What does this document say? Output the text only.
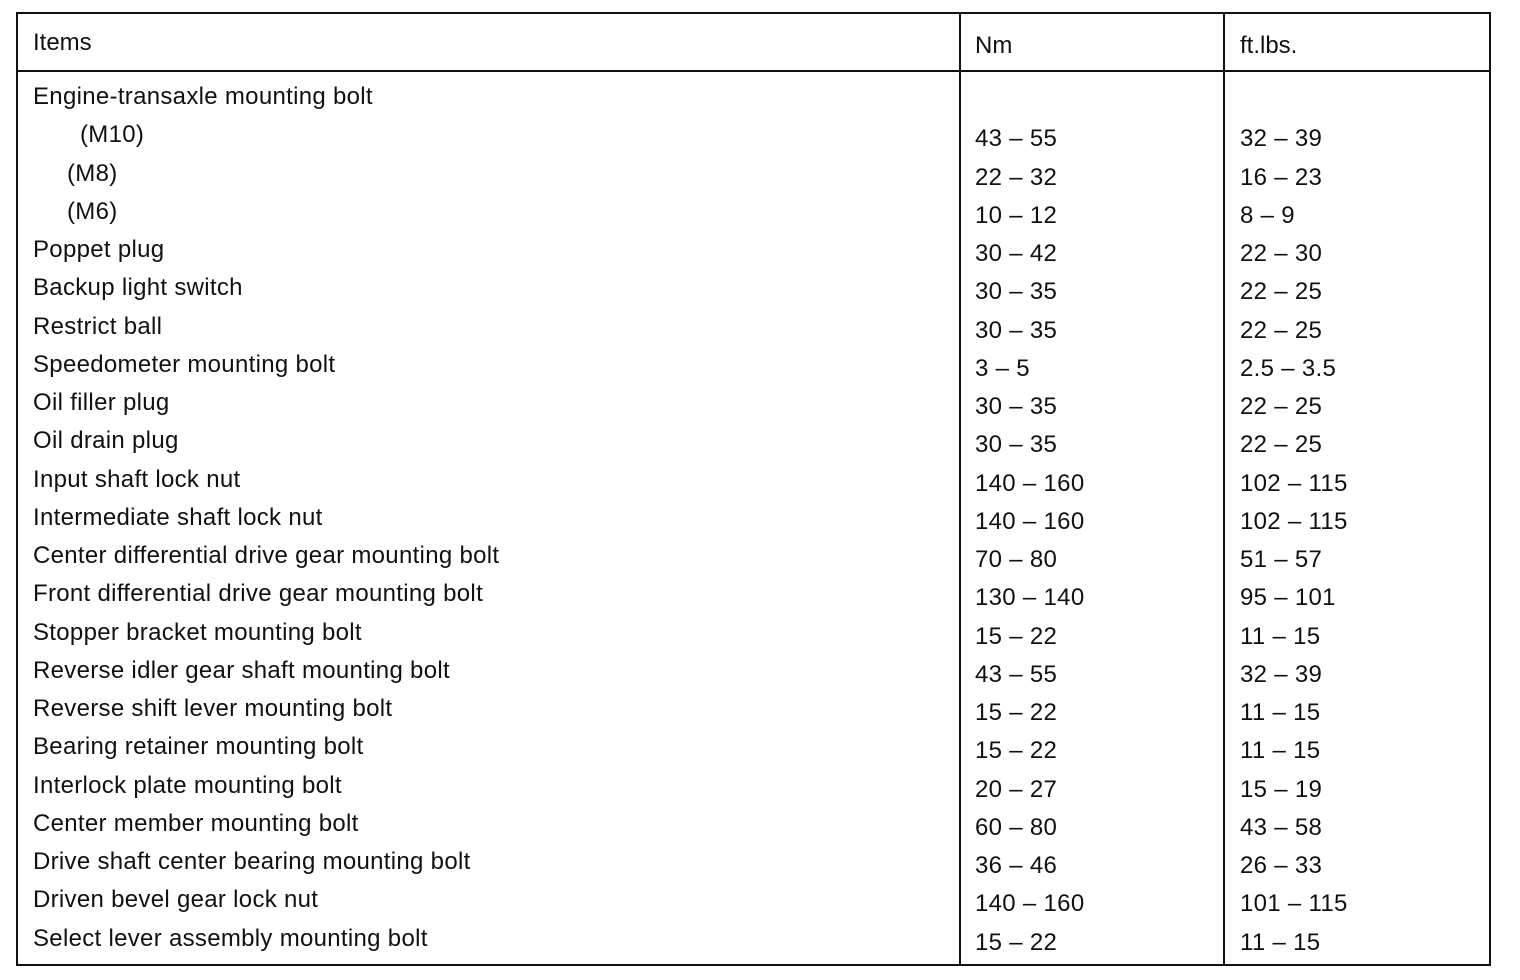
Items	Nm	ft.lbs.
Engine-transaxle mounting bolt
(M10)	43 – 55	32 – 39
(M8)	22 – 32	16 – 23
(M6)	10 – 12	8 – 9
Poppet plug	30 – 42	22 – 30
Backup light switch	30 – 35	22 – 25
Restrict ball	30 – 35	22 – 25
Speedometer mounting bolt	3 – 5	2.5 – 3.5
Oil filler plug	30 – 35	22 – 25
Oil drain plug	30 – 35	22 – 25
Input shaft lock nut	140 – 160	102 – 115
Intermediate shaft lock nut	140 – 160	102 – 115
Center differential drive gear mounting bolt	70 – 80	51 – 57
Front differential drive gear mounting bolt	130 – 140	95 – 101
Stopper bracket mounting bolt	15 – 22	11 – 15
Reverse idler gear shaft mounting bolt	43 – 55	32 – 39
Reverse shift lever mounting bolt	15 – 22	11 – 15
Bearing retainer mounting bolt	15 – 22	11 – 15
Interlock plate mounting bolt	20 – 27	15 – 19
Center member mounting bolt	60 – 80	43 – 58
Drive shaft center bearing mounting bolt	36 – 46	26 – 33
Driven bevel gear lock nut	140 – 160	101 – 115
Select lever assembly mounting bolt	15 – 22	11 – 15
